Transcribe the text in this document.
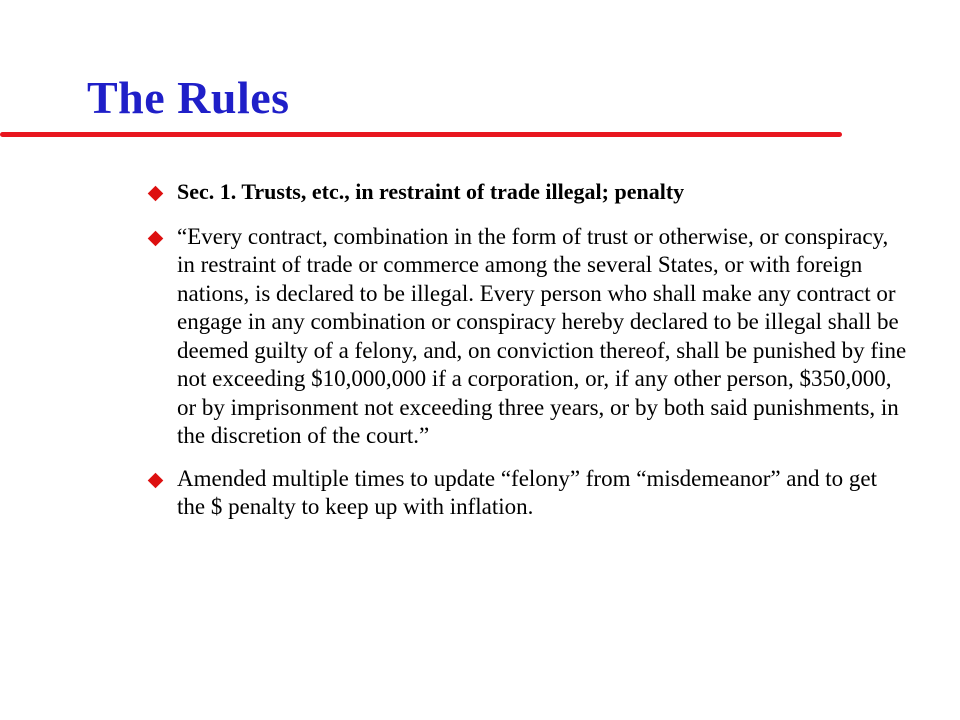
The Rules
Sec. 1. Trusts, etc., in restraint of trade illegal; penalty
“Every contract, combination in the form of trust or otherwise, or conspiracy, in restraint of trade or commerce among the several States, or with foreign nations, is declared to be illegal. Every person who shall make any contract or engage in any combination or conspiracy hereby declared to be illegal shall be deemed guilty of a felony, and, on conviction thereof, shall be punished by fine not exceeding $10,000,000 if a corporation, or, if any other person, $350,000, or by imprisonment not exceeding three years, or by both said punishments, in the discretion of the court.”
Amended multiple times to update “felony” from “misdemeanor” and to get the $ penalty to keep up with inflation.
